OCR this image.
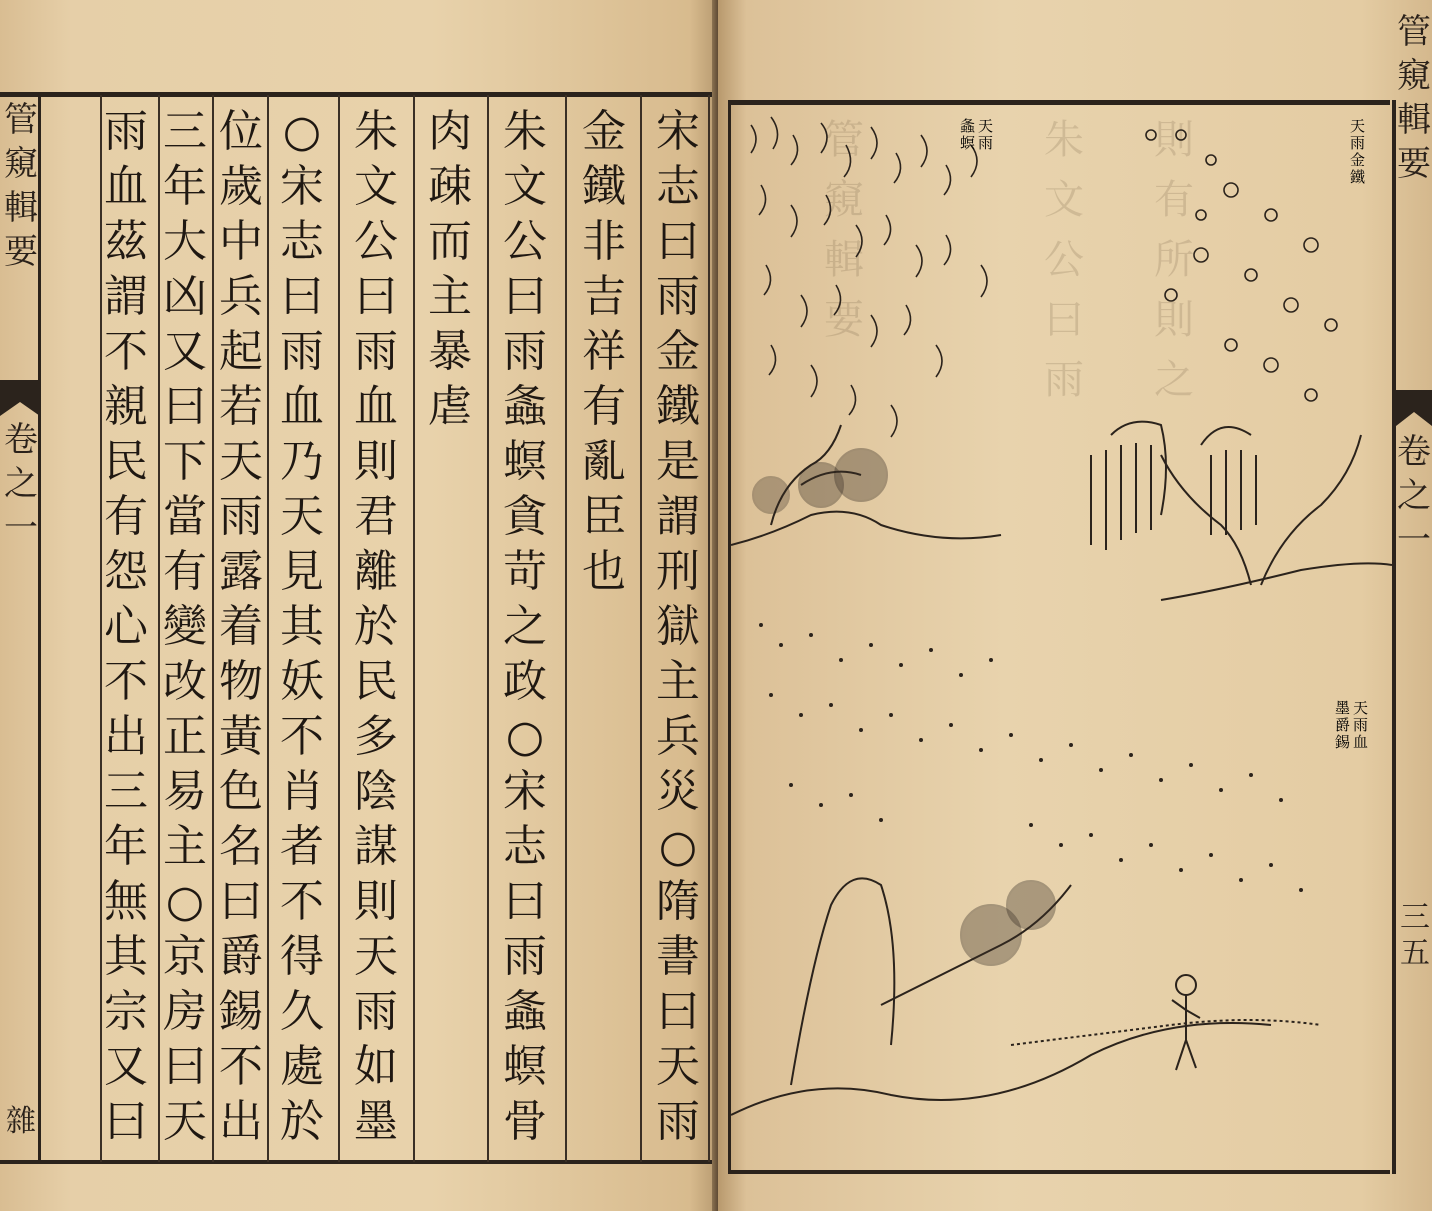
管
窺
輯
要
卷
之
一
雜
宋
志
曰
雨
金
鐵
是
謂
刑
獄
主
兵
災
○
隋
書
曰
天
雨
金
鐵
非
吉
祥
有
亂
臣
也
朱
文
公
曰
雨
螽
螟
貪
苛
之
政
○
宋
志
曰
雨
螽
螟
骨
肉
疎
而
主
暴
虐
朱
文
公
曰
雨
血
則
君
離
於
民
多
陰
謀
則
天
雨
如
墨
○
宋
志
曰
雨
血
乃
天
見
其
妖
不
肖
者
不
得
久
處
於
位
歲
中
兵
起
若
天
雨
露
着
物
黃
色
名
曰
爵
錫
不
出
三
年
大
凶
又
曰
下
當
有
變
改
正
易
主
○
京
房
曰
天
雨
血
茲
謂
不
親
民
有
怨
心
不
出
三
年
無
其
宗
又
曰
管
窺
輯
要
朱
文
公
曰
雨
則
有
所
則
之
天
雨
螽
螟
天
雨
金
鐵
天
雨
血
墨
爵
錫
管
窺
輯
要
卷
之
一
三五
